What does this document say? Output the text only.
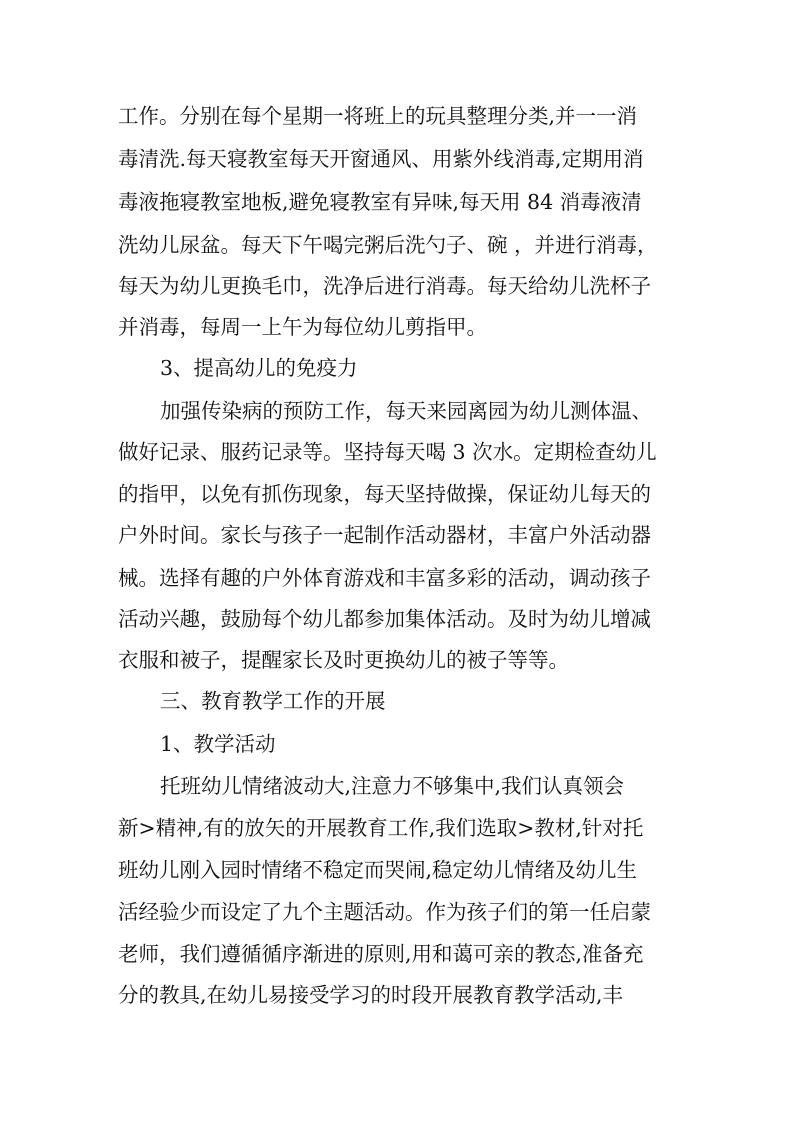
工作。分别在每个星期一将班上的玩具整理分类,并一一消
毒清洗.每天寝教室每天开窗通风、用紫外线消毒,定期用消
毒液拖寝教室地板,避免寝教室有异味,每天用 84 消毒液清
洗幼儿尿盆。每天下午喝完粥后洗勺子、碗 ，并进行消毒，
每天为幼儿更换毛巾，洗净后进行消毒。每天给幼儿洗杯子
并消毒，每周一上午为每位幼儿剪指甲。
3、提高幼儿的免疫力
加强传染病的预防工作，每天来园离园为幼儿测体温、
做好记录、服药记录等。坚持每天喝 3 次水。定期检查幼儿
的指甲，以免有抓伤现象，每天坚持做操，保证幼儿每天的
户外时间。家长与孩子一起制作活动器材，丰富户外活动器
械。选择有趣的户外体育游戏和丰富多彩的活动，调动孩子
活动兴趣，鼓励每个幼儿都参加集体活动。及时为幼儿增减
衣服和被子，提醒家长及时更换幼儿的被子等等。
三、教育教学工作的开展
1、教学活动
托班幼儿情绪波动大,注意力不够集中,我们认真领会
新>精神,有的放矢的开展教育工作,我们选取>教材,针对托
班幼儿刚入园时情绪不稳定而哭闹,稳定幼儿情绪及幼儿生
活经验少而设定了九个主题活动。作为孩子们的第一任启蒙
老师，我们遵循循序渐进的原则,用和蔼可亲的教态,准备充
分的教具,在幼儿易接受学习的时段开展教育教学活动,丰
